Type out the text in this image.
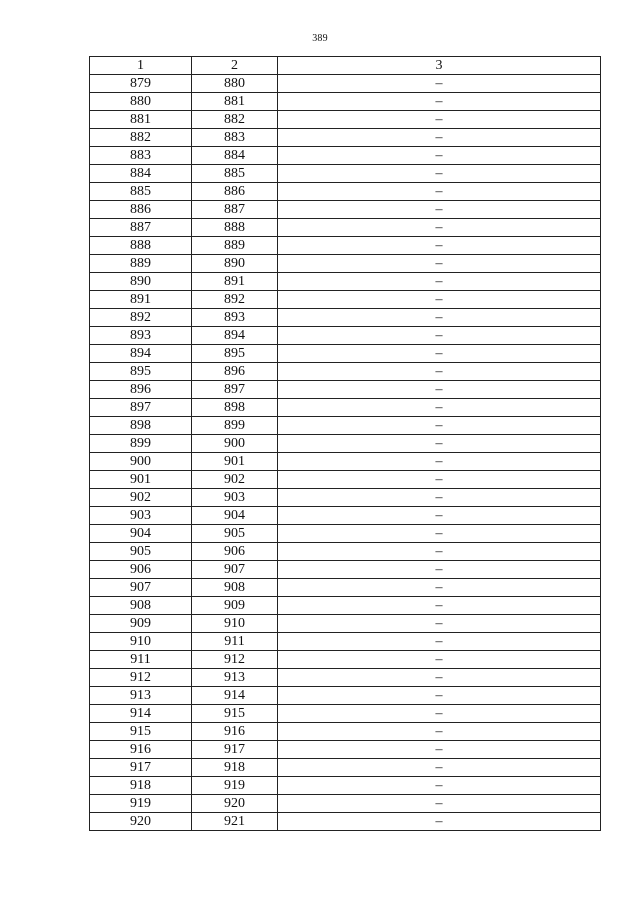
389
1	2	3
879	880	–
880	881	–
881	882	–
882	883	–
883	884	–
884	885	–
885	886	–
886	887	–
887	888	–
888	889	–
889	890	–
890	891	–
891	892	–
892	893	–
893	894	–
894	895	–
895	896	–
896	897	–
897	898	–
898	899	–
899	900	–
900	901	–
901	902	–
902	903	–
903	904	–
904	905	–
905	906	–
906	907	–
907	908	–
908	909	–
909	910	–
910	911	–
911	912	–
912	913	–
913	914	–
914	915	–
915	916	–
916	917	–
917	918	–
918	919	–
919	920	–
920	921	–
